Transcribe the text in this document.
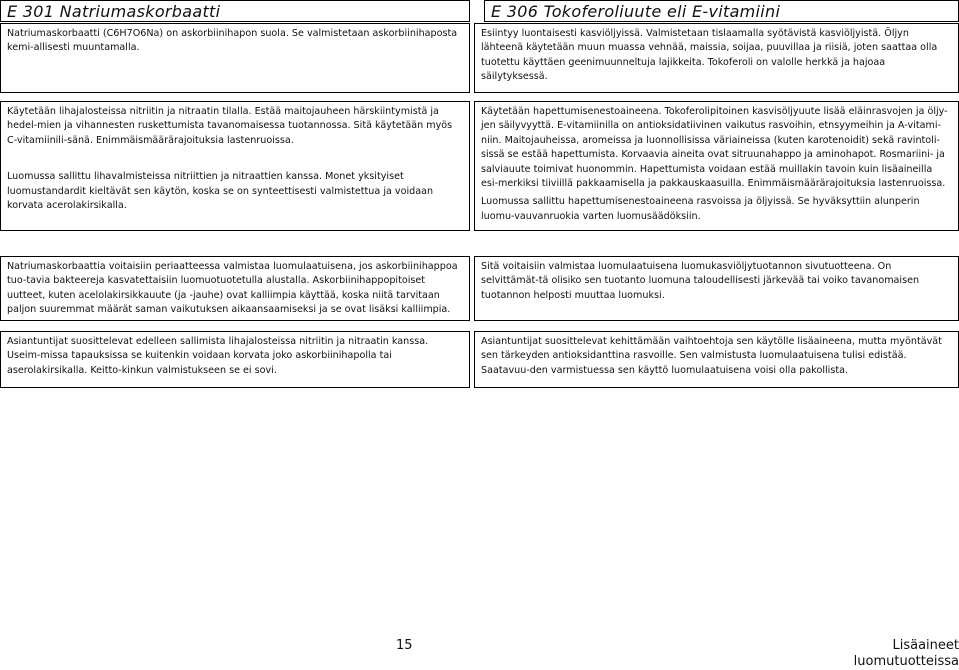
E 301 Natriumaskorbaatti

Natriumaskorbaatti (C6H7O6Na) on askorbiinihapon suola. Se valmistetaan askorbiinihaposta kemi-allisesti muuntamalla.

Käytetään lihajalosteissa nitriitin ja nitraatin tilalla. Estää maitojauheen härskiintymistä ja hedel-mien ja vihannesten ruskettumista tavanomaisessa tuotannossa. Sitä käytetään myös C-vitamiinili-sänä. Enimmäismäärärajoituksia lastenruoissa.

Luomussa sallittu lihavalmisteissa nitriittien ja nitraattien kanssa. Monet yksityiset luomustandardit kieltävät sen käytön, koska se on synteettisesti valmistettua ja voidaan korvata acerolakirsikalla.

Natriumaskorbaattia voitaisiin periaatteessa valmistaa luomulaatuisena, jos askorbiinihappoa tuo-tavia bakteereja kasvatettaisiin luomuotuotetulla alustalla. Askorbiinihappopitoiset uutteet, kuten acelolakirsikkauute (ja -jauhe) ovat kalliimpia käyttää, koska niitä tarvitaan paljon suuremmat määrät saman vaikutuksen aikaansaamiseksi ja se ovat lisäksi kalliimpia.

Asiantuntijat suosittelevat edelleen sallimista lihajalosteissa nitriitin ja nitraatin kanssa. Useim-missa tapauksissa se kuitenkin voidaan korvata joko askorbiinihapolla tai aserolakirsikalla. Keitto-kinkun valmistukseen se ei sovi.

E 306 Tokoferoliuute eli E-vitamiini

Esiintyy luontaisesti kasviöljyissä. Valmistetaan tislaamalla syötävistä kasviöljyistä. Öljyn lähteenä käytetään muun muassa vehnää, maissia, soijaa, puuvillaa ja riisiä, joten saattaa olla tuotettu käyttäen geenimuunneltuja lajikkeita. Tokoferoli on valolle herkkä ja hajoaa säilytyksessä.

Käytetään hapettumisenestoaineena. Tokoferolipitoinen kasvisöljyuute lisää eläinrasvojen ja öljy-jen säilyvyyttä. E-vitamiinilla on antioksidatiivinen vaikutus rasvoihin, etnsyymeihin ja A-vitami-niin. Maitojauheissa, aromeissa ja luonnollisissa väriaineissa (kuten karotenoidit) sekä ravintoli-sissä se estää hapettumista. Korvaavia aineita ovat sitruunahappo ja aminohapot. Rosmariini- ja salviauute toimivat huonommin. Hapettumista voidaan estää muillakin tavoin kuin lisäaineilla esi-merkiksi tiiviillä pakkaamisella ja pakkauskaasuilla. Enimmäismäärärajoituksia lastenruoissa.

Luomussa sallittu hapettumisenestoaineena rasvoissa ja öljyissä. Se hyväksyttiin alunperin luomu-vauvanruokia varten luomusäädöksiin.

Sitä voitaisiin valmistaa luomulaatuisena luomukasviöljytuotannon sivutuotteena. On selvittämät-tä olisiko sen tuotanto luomuna taloudellisesti järkevää tai voiko tavanomaisen tuotannon helposti muuttaa luomuksi.

Asiantuntijat suosittelevat kehittämään vaihtoehtoja sen käytölle lisäaineena, mutta myöntävät sen tärkeyden antioksidanttina rasvoille. Sen valmistusta luomulaatuisena tulisi edistää. Saatavuu-den varmistuessa sen käyttö luomulaatuisena voisi olla pakollista.

15	Lisäaineet luomutuotteissa
